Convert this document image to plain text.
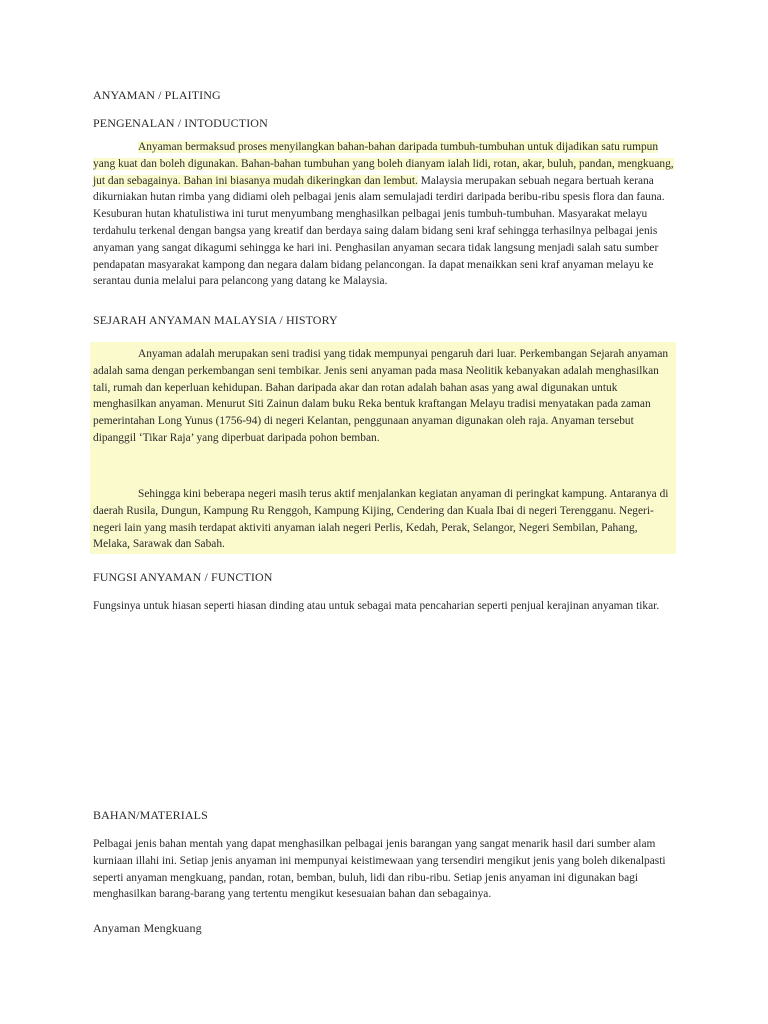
ANYAMAN / PLAITING
PENGENALAN / INTODUCTION

Anyaman bermaksud proses menyilangkan bahan-bahan daripada tumbuh-tumbuhan untuk dijadikan satu rumpun yang kuat dan boleh digunakan. Bahan-bahan tumbuhan yang boleh dianyam ialah lidi, rotan, akar, buluh, pandan, mengkuang, jut dan sebagainya. Bahan ini biasanya mudah dikeringkan dan lembut. Malaysia merupakan sebuah negara bertuah kerana dikurniakan hutan rimba yang didiami oleh pelbagai jenis alam semulajadi terdiri daripada beribu-ribu spesis flora dan fauna. Kesuburan hutan khatulistiwa ini turut menyumbang menghasilkan pelbagai jenis tumbuh-tumbuhan. Masyarakat melayu terdahulu terkenal dengan bangsa yang kreatif dan berdaya saing dalam bidang seni kraf sehingga terhasilnya pelbagai jenis anyaman yang sangat dikagumi sehingga ke hari ini. Penghasilan anyaman secara tidak langsung menjadi salah satu sumber pendapatan masyarakat kampong dan negara dalam bidang pelancongan. Ia dapat menaikkan seni kraf anyaman melayu ke serantau dunia melalui para pelancong yang datang ke Malaysia.

SEJARAH ANYAMAN MALAYSIA / HISTORY

Anyaman adalah merupakan seni tradisi yang tidak mempunyai pengaruh dari luar. Perkembangan Sejarah anyaman adalah sama dengan perkembangan seni tembikar. Jenis seni anyaman pada masa Neolitik kebanyakan adalah menghasilkan tali, rumah dan keperluan kehidupan. Bahan daripada akar dan rotan adalah bahan asas yang awal digunakan untuk menghasilkan anyaman. Menurut Siti Zainun dalam buku Reka bentuk kraftangan Melayu tradisi menyatakan pada zaman pemerintahan Long Yunus (1756-94) di negeri Kelantan, penggunaan anyaman digunakan oleh raja. Anyaman tersebut dipanggil ‘Tikar Raja’ yang diperbuat daripada pohon bemban.

Sehingga kini beberapa negeri masih terus aktif menjalankan kegiatan anyaman di peringkat kampung. Antaranya di daerah Rusila, Dungun, Kampung Ru Renggoh, Kampung Kijing, Cendering dan Kuala Ibai di negeri Terengganu. Negeri-negeri lain yang masih terdapat aktiviti anyaman ialah negeri Perlis, Kedah, Perak, Selangor, Negeri Sembilan, Pahang, Melaka, Sarawak dan Sabah.

FUNGSI ANYAMAN / FUNCTION

Fungsinya untuk hiasan seperti hiasan dinding atau untuk sebagai mata pencaharian seperti penjual kerajinan anyaman tikar.

BAHAN/MATERIALS

Pelbagai jenis bahan mentah yang dapat menghasilkan pelbagai jenis barangan yang sangat menarik hasil dari sumber alam kurniaan illahi ini. Setiap jenis anyaman ini mempunyai keistimewaan yang tersendiri mengikut jenis yang boleh dikenalpasti seperti anyaman mengkuang, pandan, rotan, bemban, buluh, lidi dan ribu-ribu. Setiap jenis anyaman ini digunakan bagi menghasilkan barang-barang yang tertentu mengikut kesesuaian bahan dan sebagainya.

Anyaman Mengkuang
